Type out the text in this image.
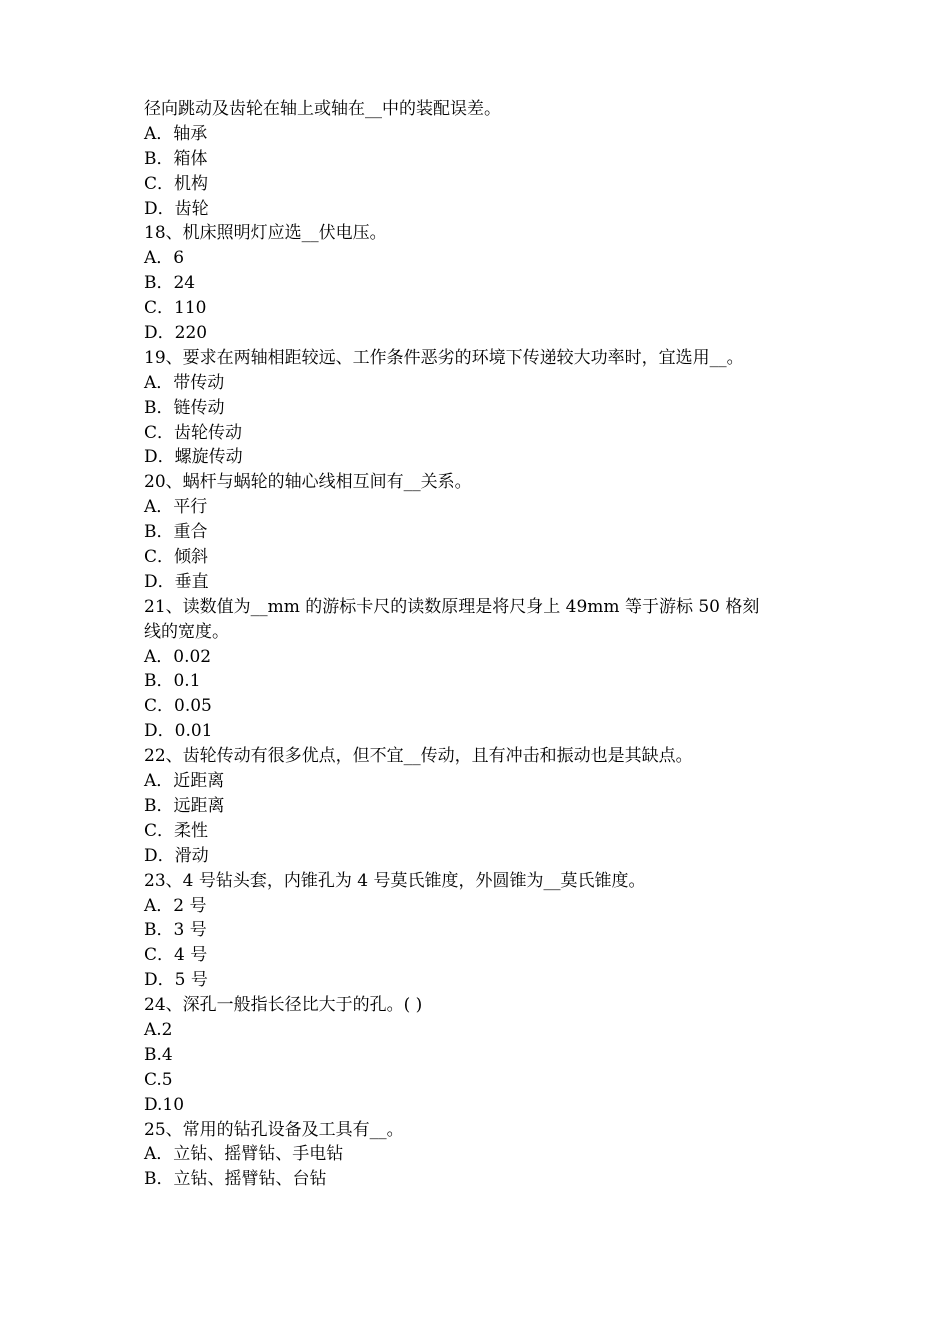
径向跳动及齿轮在轴上或轴在__中的装配误差。
A．轴承
B．箱体
C．机构
D．齿轮
18、机床照明灯应选__伏电压。
A．6
B．24
C．110
D．220
19、要求在两轴相距较远、工作条件恶劣的环境下传递较大功率时，宜选用__。
A．带传动
B．链传动
C．齿轮传动
D．螺旋传动
20、蜗杆与蜗轮的轴心线相互间有__关系。
A．平行
B．重合
C．倾斜
D．垂直
21、读数值为__mm 的游标卡尺的读数原理是将尺身上 49mm 等于游标 50 格刻
线的宽度。
A．0.02
B．0.1
C．0.05
D．0.01
22、齿轮传动有很多优点，但不宜__传动，且有冲击和振动也是其缺点。
A．近距离
B．远距离
C．柔性
D．滑动
23、4 号钻头套，内锥孔为 4 号莫氏锥度，外圆锥为__莫氏锥度。
A．2 号
B．3 号
C．4 号
D．5 号
24、深孔一般指长径比大于的孔。( )
A.2
B.4
C.5
D.10
25、常用的钻孔设备及工具有__。
A．立钻、摇臂钻、手电钻
B．立钻、摇臂钻、台钻
